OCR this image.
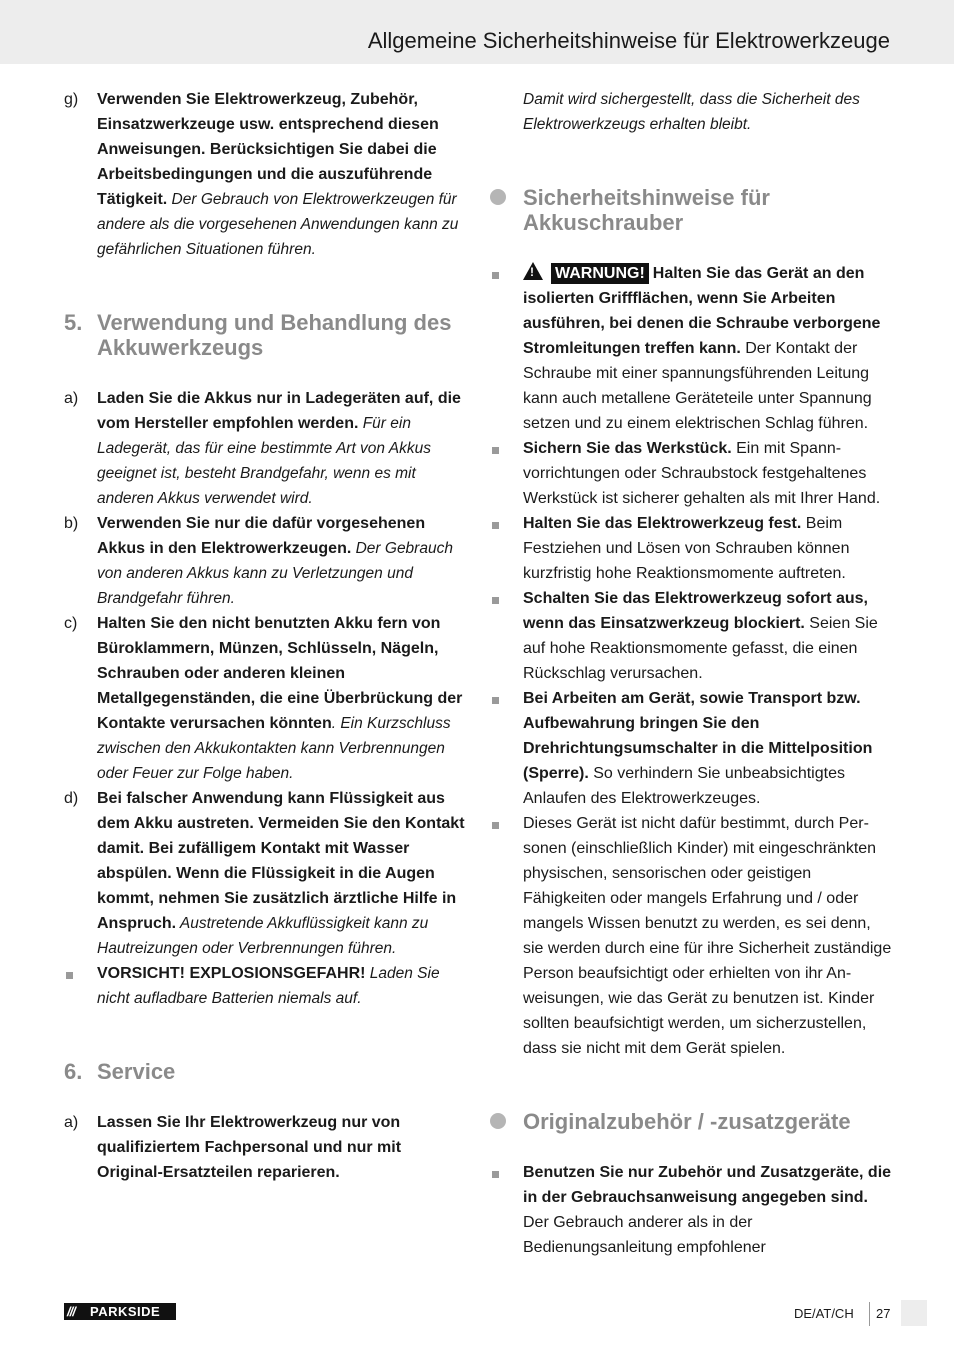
Allgemeine Sicherheitshinweise für Elektrowerkzeuge
g)	Verwenden Sie Elektrowerkzeug, Zubehör, Einsatzwerkzeuge usw. entsprechend diesen Anweisungen. Berücksichtigen Sie dabei die Arbeitsbedingungen und die auszuführende Tätigkeit. Der Gebrauch von Elektrowerkzeugen für andere als die vorgesehenen Anwendungen kann zu gefährlichen Situationen führen.
5. Verwendung und Behandlung des Akkuwerkzeugs
a)	Laden Sie die Akkus nur in Ladegeräten auf, die vom Hersteller empfohlen werden. Für ein Ladegerät, das für eine bestimmte Art von Akkus geeignet ist, besteht Brandgefahr, wenn es mit anderen Akkus verwendet wird.
b)	Verwenden Sie nur die dafür vorgesehenen Akkus in den Elektrowerkzeugen. Der Gebrauch von anderen Akkus kann zu Verletzungen und Brandgefahr führen.
c)	Halten Sie den nicht benutzten Akku fern von Büroklammern, Münzen, Schlüsseln, Nägeln, Schrauben oder anderen kleinen Metallgegenständen, die eine Überbrückung der Kontakte verursachen könnten. Ein Kurzschluss zwischen den Akkukontakten kann Verbrennungen oder Feuer zur Folge haben.
d)	Bei falscher Anwendung kann Flüssigkeit aus dem Akku austreten. Vermeiden Sie den Kontakt damit. Bei zufälligem Kontakt mit Wasser abspülen. Wenn die Flüssigkeit in die Augen kommt, nehmen Sie zusätzlich ärztliche Hilfe in Anspruch. Austretende Akkuflüssigkeit kann zu Hautreizungen oder Verbrennungen führen.
VORSICHT! EXPLOSIONSGEFAHR! Laden Sie nicht aufladbare Batterien niemals auf.
6. Service
a)	Lassen Sie Ihr Elektrowerkzeug nur von qualifiziertem Fachpersonal und nur mit Original-Ersatzteilen reparieren.
Damit wird sichergestellt, dass die Sicherheit des Elektrowerkzeugs erhalten bleibt.
Sicherheitshinweise für Akkuschrauber
!WARNUNG! Halten Sie das Gerät an den isolierten Griffflächen, wenn Sie Arbeiten ausführen, bei denen die Schraube verborgene Stromleitungen treffen kann. Der Kontakt der Schraube mit einer spannungsführenden Leitung kann auch metallene Geräteteile unter Spannung setzen und zu einem elektrischen Schlag führen.
Sichern Sie das Werkstück. Ein mit Spannvorrichtungen oder Schraubstock festgehaltenes Werkstück ist sicherer gehalten als mit Ihrer Hand.
Halten Sie das Elektrowerkzeug fest. Beim Festziehen und Lösen von Schrauben können kurzfristig hohe Reaktionsmomente auftreten.
Schalten Sie das Elektrowerkzeug sofort aus, wenn das Einsatzwerkzeug blockiert. Seien Sie auf hohe Reaktionsmomente gefasst, die einen Rückschlag verursachen.
Bei Arbeiten am Gerät, sowie Transport bzw. Aufbewahrung bringen Sie den Drehrichtungsumschalter in die Mittelposition (Sperre). So verhindern Sie unbeabsichtigtes Anlaufen des Elektrowerkzeuges.
Dieses Gerät ist nicht dafür bestimmt, durch Personen (einschließlich Kinder) mit eingeschränkten physischen, sensorischen oder geistigen Fähigkeiten oder mangels Erfahrung und / oder mangels Wissen benutzt zu werden, es sei denn, sie werden durch eine für ihre Sicherheit zuständige Person beaufsichtigt oder erhielten von ihr Anweisungen, wie das Gerät zu benutzen ist. Kinder sollten beaufsichtigt werden, um sicherzustellen, dass sie nicht mit dem Gerät spielen.
Originalzubehör / -zusatzgeräte
Benutzen Sie nur Zubehör und Zusatzgeräte, die in der Gebrauchsanweisung angegeben sind. Der Gebrauch anderer als in der Bedienungsanleitung empfohlener
/// PARKSIDE	DE/AT/CH 27
